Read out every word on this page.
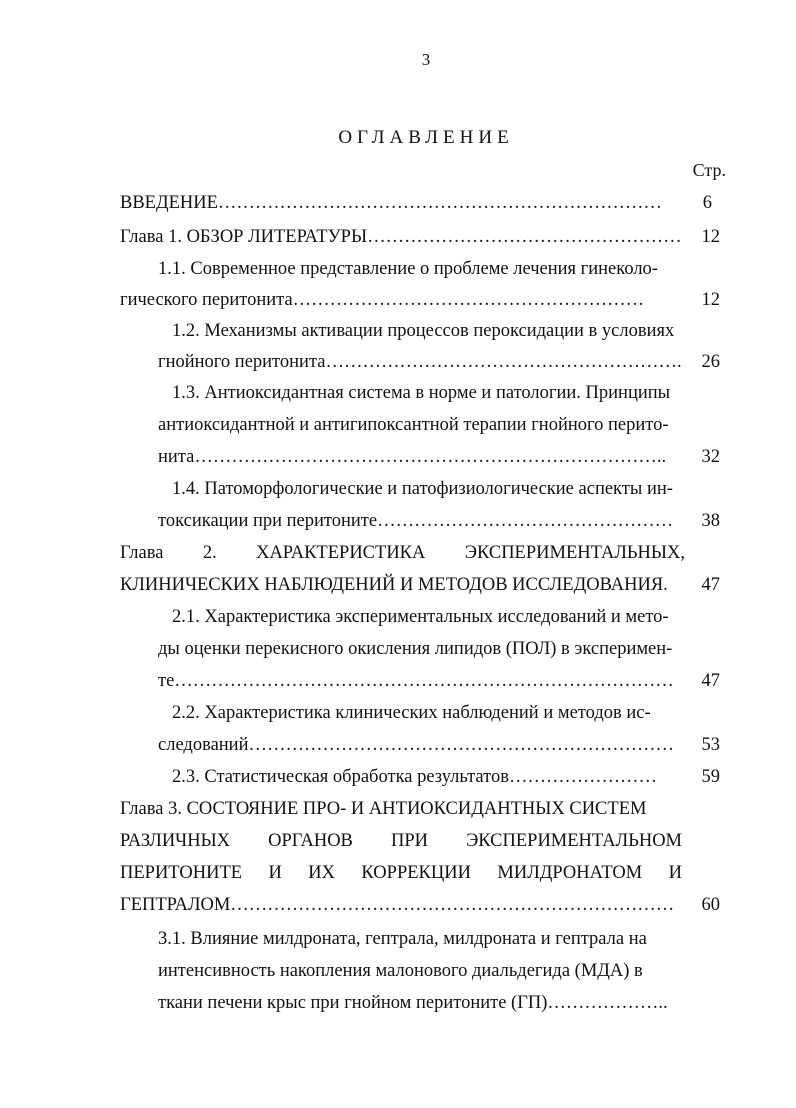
3
ОГЛАВЛЕНИЕ
Стр.
ВВЕДЕНИЕ………………………………………………………………	6
Глава 1. ОБЗОР ЛИТЕРАТУРЫ……………………………………………	12
1.1. Современное представление о проблеме лечения гинеколо-
гического перитонита…………………………………………………	12
1.2. Механизмы активации процессов пероксидации в условиях
гнойного перитонита………………………………………………….	26
1.3. Антиоксидантная система в норме и патологии. Принципы
антиоксидантной и антигипоксантной терапии гнойного перито-
нита…………………………………………………………………..	32
1.4. Патоморфологические и патофизиологические аспекты ин-
токсикации при перитоните…………………………………………	38
Глава 2. ХАРАКТЕРИСТИКА ЭКСПЕРИМЕНТАЛЬНЫХ,
КЛИНИЧЕСКИХ НАБЛЮДЕНИЙ И МЕТОДОВ ИССЛЕДОВАНИЯ.	47
2.1. Характеристика экспериментальных исследований и мето-
ды оценки перекисного окисления липидов (ПОЛ) в эксперимен-
те………………………………………………………………………	47
2.2. Характеристика клинических наблюдений и методов ис-
следований……………………………………………………………	53
2.3. Статистическая обработка результатов……………………	59
Глава 3. СОСТОЯНИЕ ПРО- И АНТИОКСИДАНТНЫХ СИСТЕМ
РАЗЛИЧНЫХ ОРГАНОВ ПРИ ЭКСПЕРИМЕНТАЛЬНОМ
ПЕРИТОНИТЕ И ИХ КОРРЕКЦИИ МИЛДРОНАТОМ И
ГЕПТРАЛОМ………………………………………………………………	60
3.1. Влияние милдроната, гептрала, милдроната и гептрала на
интенсивность накопления малонового диальдегида (МДА) в
ткани печени крыс при гнойном перитоните (ГП)………………..
